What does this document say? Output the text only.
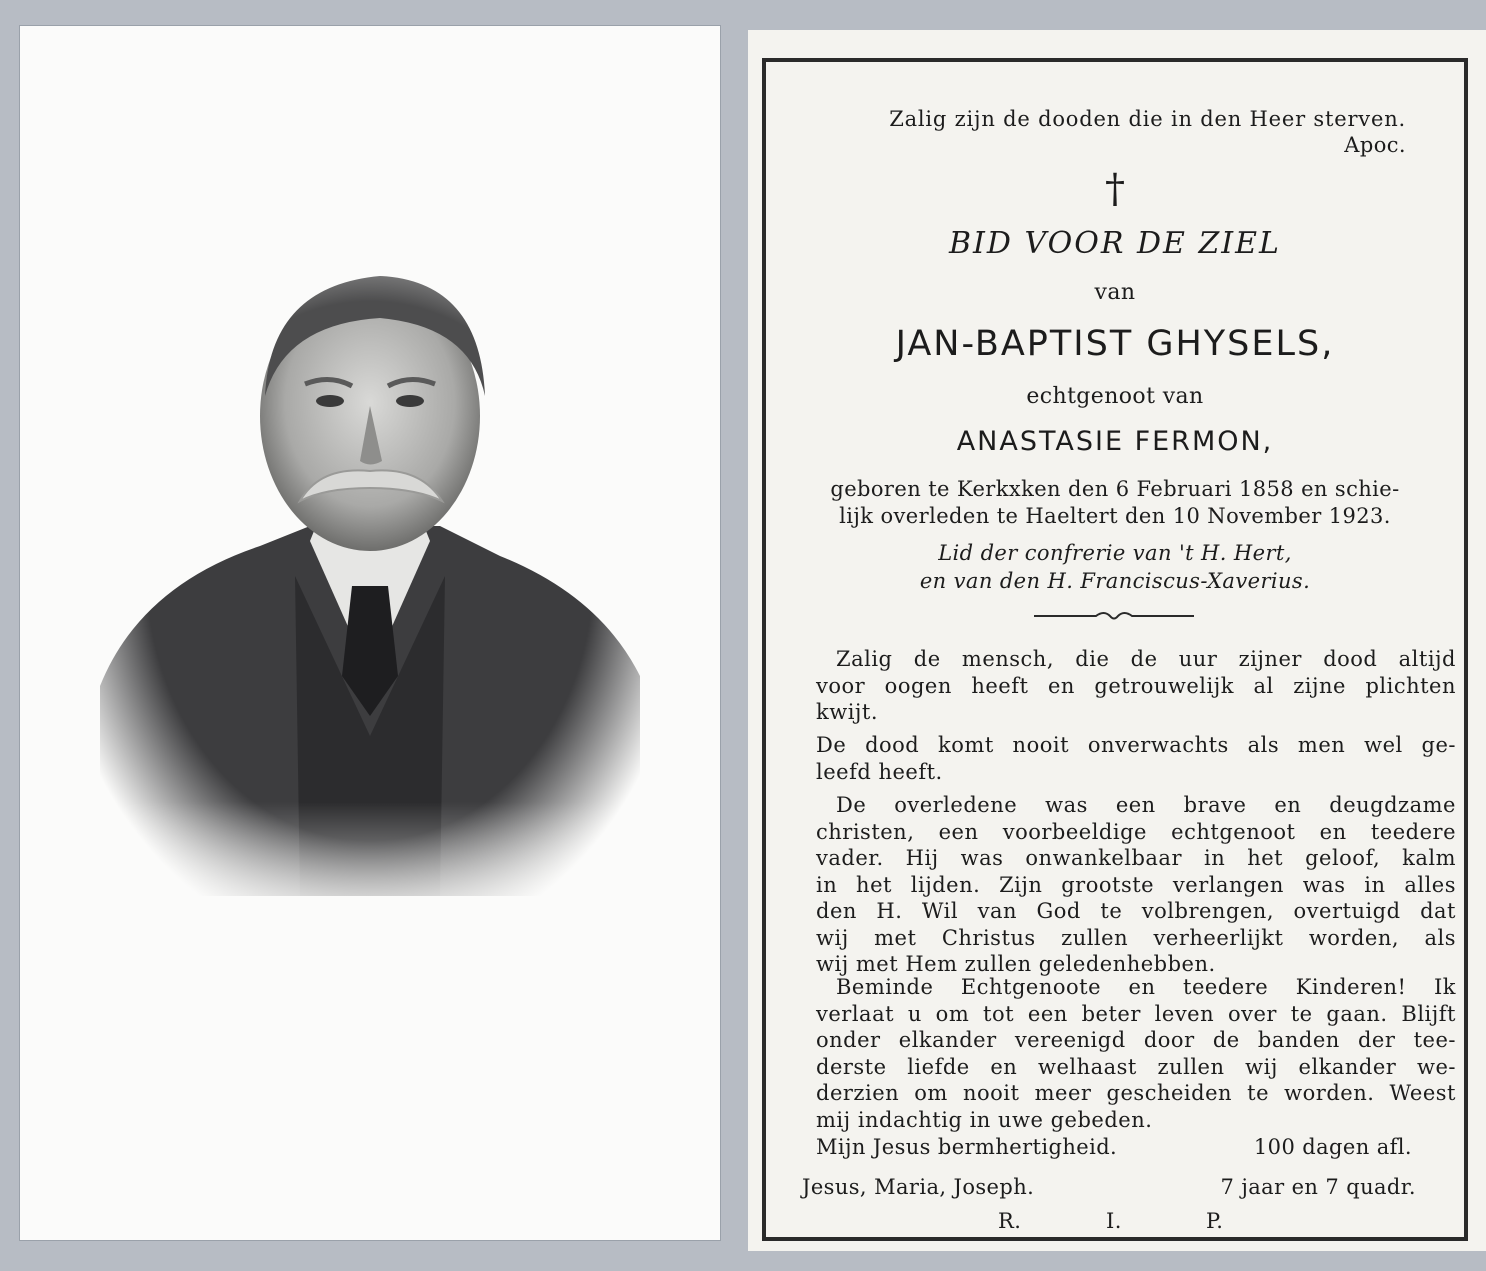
Zalig zijn de dooden die in den Heer sterven.
Apoc.
†
BID VOOR DE ZIEL
van
JAN-BAPTIST GHYSELS,
echtgenoot van
ANASTASIE FERMON,
geboren te Kerkxken den 6 Februari 1858 en schie-
lijk overleden te Haeltert den 10 November 1923.
Lid der confrerie van 't H. Hert,
en van den H. Franciscus-Xaverius.
Zalig de mensch, die de uur zijner dood altijd
voor oogen heeft en getrouwelijk al zijne plichten
kwijt.
De dood komt nooit onverwachts als men wel ge-
leefd heeft.
De overledene was een brave en deugdzame
christen, een voorbeeldige echtgenoot en teedere
vader. Hij was onwankelbaar in het geloof, kalm
in het lijden. Zijn grootste verlangen was in alles
den H. Wil van God te volbrengen, overtuigd dat
wij met Christus zullen verheerlijkt worden, als
wij met Hem zullen geledenhebben.
Beminde Echtgenoote en teedere Kinderen! Ik
verlaat u om tot een beter leven over te gaan. Blijft
onder elkander vereenigd door de banden der tee-
derste liefde en welhaast zullen wij elkander we-
derzien om nooit meer gescheiden te worden. Weest
mij indachtig in uwe gebeden.
Mijn Jesus bermhertigheid.	100 dagen afl.
Jesus, Maria, Joseph.	7 jaar en 7 quadr.
R.	I.	P.
